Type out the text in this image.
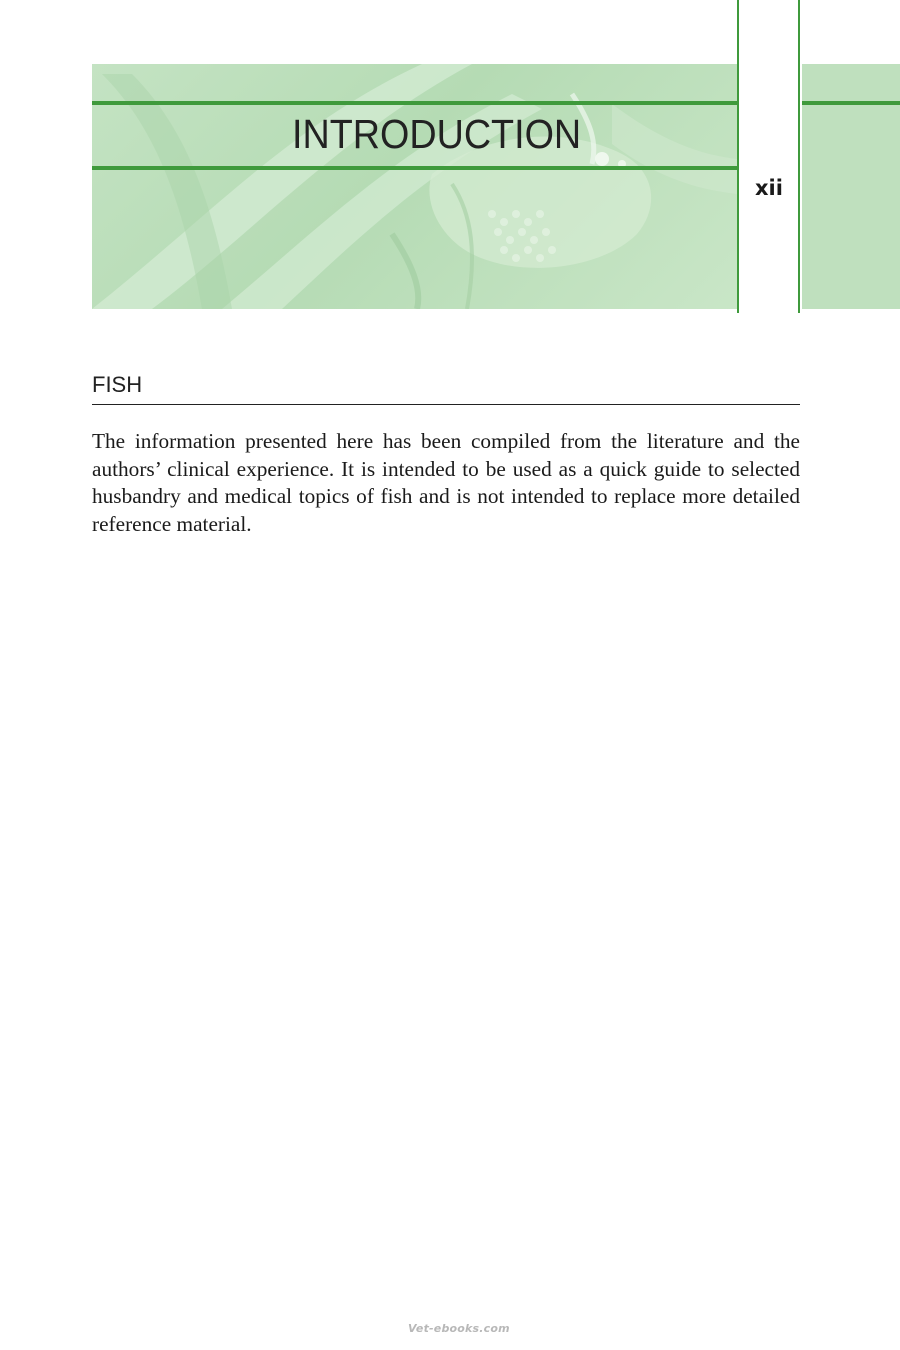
INTRODUCTION
xii
FISH

The information presented here has been compiled from the literature and the authors’ clinical experience. It is intended to be used as a quick guide to selected husbandry and medical topics of fish and is not intended to replace more detailed reference material.

Vet-ebooks.com
